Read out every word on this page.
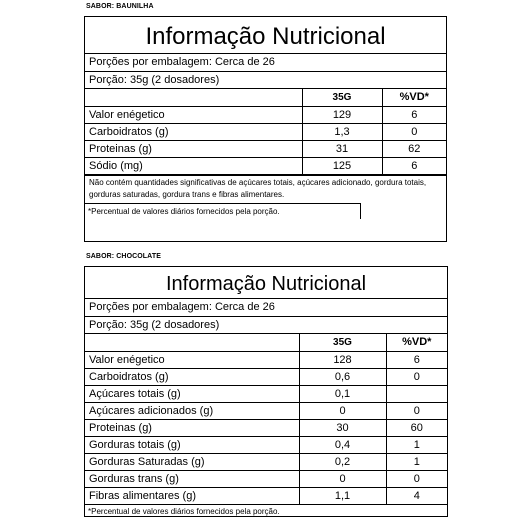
SABOR: BAUNILHA
Informação Nutricional
Porções por embalagem: Cerca de 26
Porção: 35g (2 dosadores)
	35G	%VD*
Valor enégetico	129	6
Carboidratos (g)	1,3	0
Proteinas (g)	31	62
Sódio (mg)	125	6
Não contém quantidades significativas de açúcares totais, açúcares adicionado, gordura totais, gorduras saturadas, gordura trans e fibras alimentares.
*Percentual de valores diários fornecidos pela porção.
SABOR: CHOCOLATE
Informação Nutricional
Porções por embalagem: Cerca de 26
Porção: 35g (2 dosadores)
	35G	%VD*
Valor enégetico	128	6
Carboidratos (g)	0,6	0
Açúcares totais (g)	0,1	
Açúcares adicionados (g)	0	0
Proteinas (g)	30	60
Gorduras totais (g)	0,4	1
Gorduras Saturadas (g)	0,2	1
Gorduras trans (g)	0	0
Fibras alimentares (g)	1,1	4
*Percentual de valores diários fornecidos pela porção.
